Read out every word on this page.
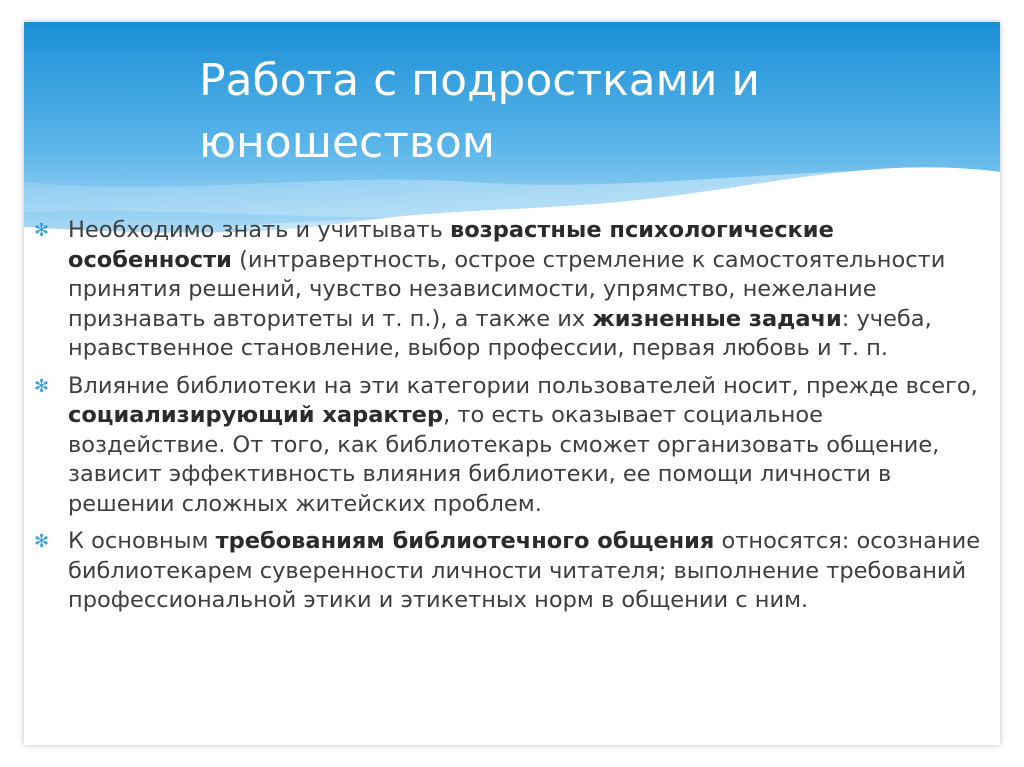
Работа с подростками и юношеством
✻ Необходимо знать и учитывать возрастные психологические особенности (интравертность, острое стремление к самостоятельности принятия решений, чувство независимости, упрямство, нежелание признавать авторитеты и т. п.), а также их жизненные задачи: учеба, нравственное становление, выбор профессии, первая любовь и т. п.
✻ Влияние библиотеки на эти категории пользователей носит, прежде всего, социализирующий характер, то есть оказывает социальное воздействие. От того, как библиотекарь сможет организовать общение, зависит эффективность влияния библиотеки, ее помощи личности в решении сложных житейских проблем.
✻ К основным требованиям библиотечного общения относятся: осознание библиотекарем суверенности личности читателя; выполнение требований профессиональной этики и этикетных норм в общении с ним.
